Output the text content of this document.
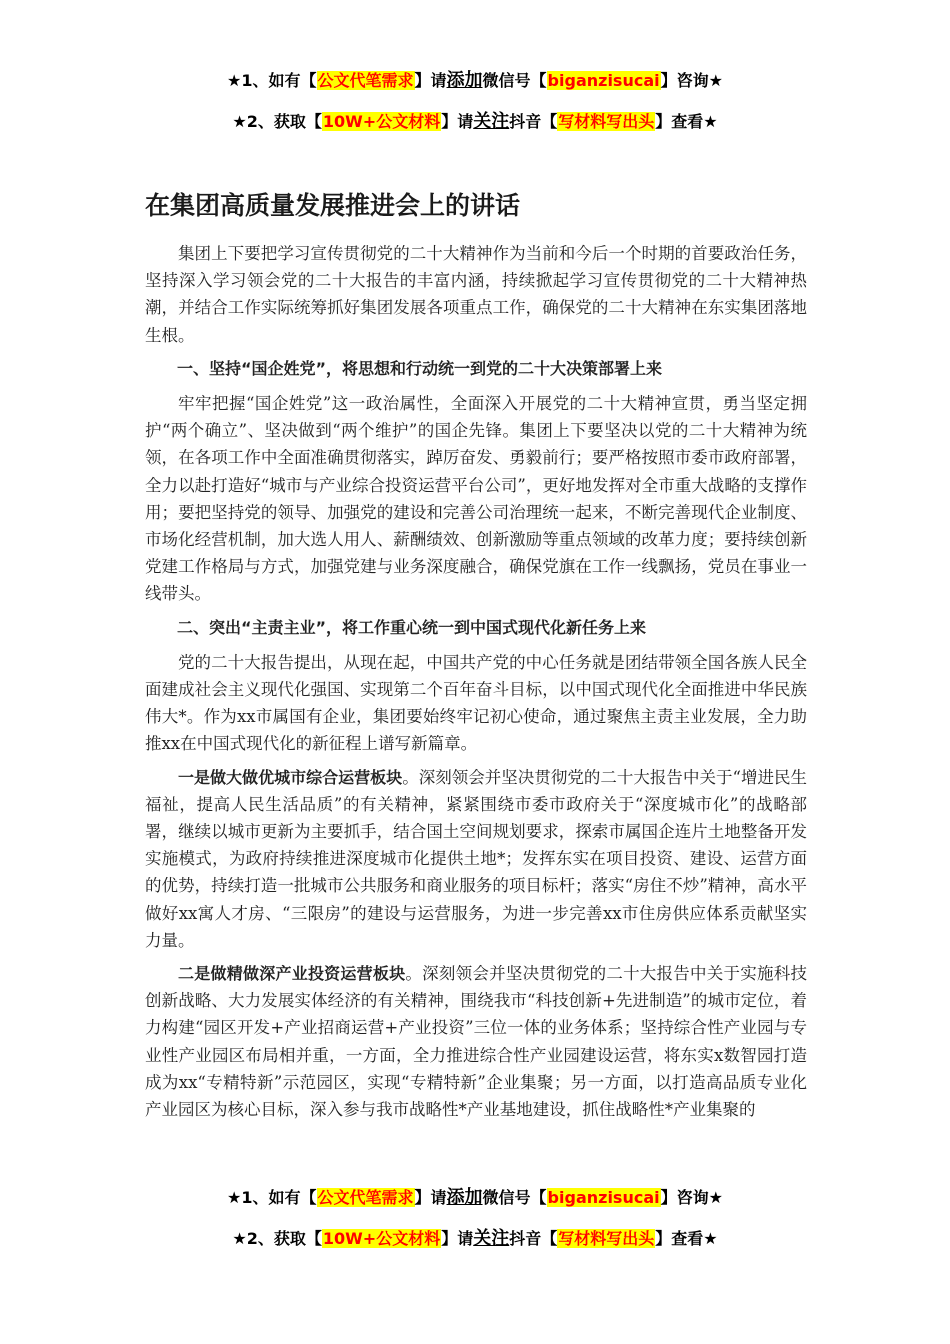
★1、如有【公文代笔需求】请添加微信号【biganzisucai】咨询★
★2、获取【10W+公文材料】请关注抖音【写材料写出头】查看★
在集团高质量发展推进会上的讲话

集团上下要把学习宣传贯彻党的二十大精神作为当前和今后一个时期的首要政治任务，坚持深入学习领会党的二十大报告的丰富内涵，持续掀起学习宣传贯彻党的二十大精神热潮，并结合工作实际统筹抓好集团发展各项重点工作，确保党的二十大精神在东实集团落地生根。

一、坚持“国企姓党”，将思想和行动统一到党的二十大决策部署上来

牢牢把握“国企姓党”这一政治属性，全面深入开展党的二十大精神宣贯，勇当坚定拥护“两个确立”、坚决做到“两个维护”的国企先锋。集团上下要坚决以党的二十大精神为统领，在各项工作中全面准确贯彻落实，踔厉奋发、勇毅前行；要严格按照市委市政府部署，全力以赴打造好“城市与产业综合投资运营平台公司”，更好地发挥对全市重大战略的支撑作用；要把坚持党的领导、加强党的建设和完善公司治理统一起来，不断完善现代企业制度、市场化经营机制，加大选人用人、薪酬绩效、创新激励等重点领域的改革力度；要持续创新党建工作格局与方式，加强党建与业务深度融合，确保党旗在工作一线飘扬，党员在事业一线带头。

二、突出“主责主业”，将工作重心统一到中国式现代化新任务上来

党的二十大报告提出，从现在起，中国共产党的中心任务就是团结带领全国各族人民全面建成社会主义现代化强国、实现第二个百年奋斗目标，以中国式现代化全面推进中华民族伟大*。作为xx市属国有企业，集团要始终牢记初心使命，通过聚焦主责主业发展，全力助推xx在中国式现代化的新征程上谱写新篇章。

一是做大做优城市综合运营板块。深刻领会并坚决贯彻党的二十大报告中关于“增进民生福祉，提高人民生活品质”的有关精神，紧紧围绕市委市政府关于“深度城市化”的战略部署，继续以城市更新为主要抓手，结合国土空间规划要求，探索市属国企连片土地整备开发实施模式，为政府持续推进深度城市化提供土地*；发挥东实在项目投资、建设、运营方面的优势，持续打造一批城市公共服务和商业服务的项目标杆；落实“房住不炒”精神，高水平做好xx寓人才房、“三限房”的建设与运营服务，为进一步完善xx市住房供应体系贡献坚实力量。

二是做精做深产业投资运营板块。深刻领会并坚决贯彻党的二十大报告中关于实施科技创新战略、大力发展实体经济的有关精神，围绕我市“科技创新+先进制造”的城市定位，着力构建“园区开发+产业招商运营+产业投资”三位一体的业务体系；坚持综合性产业园与专业性产业园区布局相并重，一方面，全力推进综合性产业园建设运营，将东实x数智园打造成为xx“专精特新”示范园区，实现“专精特新”企业集聚；另一方面，以打造高品质专业化产业园区为核心目标，深入参与我市战略性*产业基地建设，抓住战略性*产业集聚的

★1、如有【公文代笔需求】请添加微信号【biganzisucai】咨询★
★2、获取【10W+公文材料】请关注抖音【写材料写出头】查看★
